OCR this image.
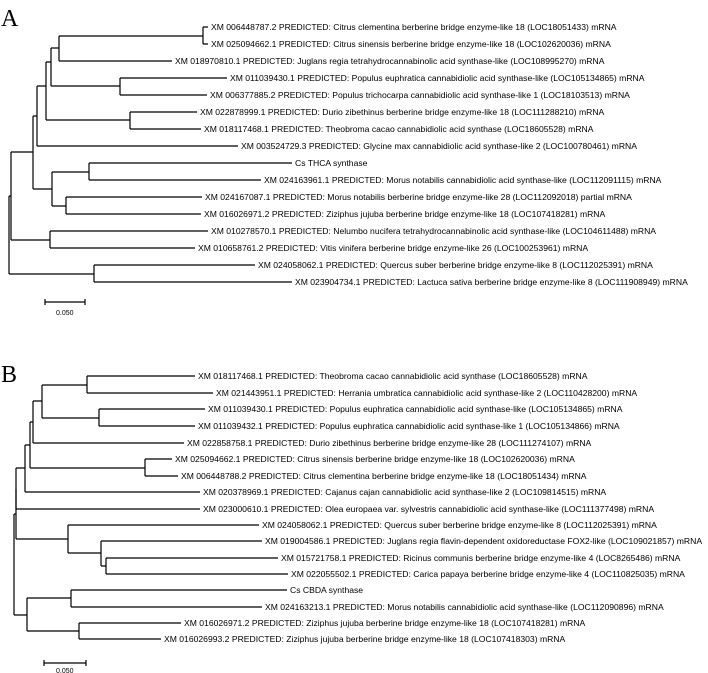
A	XM 006448787.2 PREDICTED: Citrus clementina berberine bridge enzyme-like 18 (LOC18051433) mRNA
XM 025094662.1 PREDICTED: Citrus sinensis berberine bridge enzyme-like 18 (LOC102620036) mRNA
XM 018970810.1 PREDICTED: Juglans regia tetrahydrocannabinolic acid synthase-like (LOC108995270) mRNA
XM 011039430.1 PREDICTED: Populus euphratica cannabidiolic acid synthase-like (LOC105134865) mRNA
XM 006377885.2 PREDICTED: Populus trichocarpa cannabidiolic acid synthase-like 1 (LOC18103513) mRNA
XM 022878999.1 PREDICTED: Durio zibethinus berberine bridge enzyme-like 18 (LOC111288210) mRNA
XM 018117468.1 PREDICTED: Theobroma cacao cannabidiolic acid synthase (LOC18605528) mRNA
XM 003524729.3 PREDICTED: Glycine max cannabidiolic acid synthase-like 2 (LOC100780461) mRNA
Cs THCA synthase
XM 024163961.1 PREDICTED: Morus notabilis cannabidiolic acid synthase-like (LOC112091115) mRNA
XM 024167087.1 PREDICTED: Morus notabilis berberine bridge enzyme-like 28 (LOC112092018) partial mRNA
XM 016026971.2 PREDICTED: Ziziphus jujuba berberine bridge enzyme-like 18 (LOC107418281) mRNA
XM 010278570.1 PREDICTED: Nelumbo nucifera tetrahydrocannabinolic acid synthase-like (LOC104611488) mRNA
XM 010658761.2 PREDICTED: Vitis vinifera berberine bridge enzyme-like 26 (LOC100253961) mRNA
XM 024058062.1 PREDICTED: Quercus suber berberine bridge enzyme-like 8 (LOC112025391) mRNA
XM 023904734.1 PREDICTED: Lactuca sativa berberine bridge enzyme-like 8 (LOC111908949) mRNA
0.050
B	XM 018117468.1 PREDICTED: Theobroma cacao cannabidiolic acid synthase (LOC18605528) mRNA
XM 021443951.1 PREDICTED: Herrania umbratica cannabidiolic acid synthase-like 2 (LOC110428200) mRNA
XM 011039430.1 PREDICTED: Populus euphratica cannabidiolic acid synthase-like (LOC105134865) mRNA
XM 011039432.1 PREDICTED: Populus euphratica cannabidiolic acid synthase-like 1 (LOC105134866) mRNA
XM 022858758.1 PREDICTED: Durio zibethinus berberine bridge enzyme-like 28 (LOC111274107) mRNA
XM 025094662.1 PREDICTED: Citrus sinensis berberine bridge enzyme-like 18 (LOC102620036) mRNA
XM 006448788.2 PREDICTED: Citrus clementina berberine bridge enzyme-like 18 (LOC18051434) mRNA
XM 020378969.1 PREDICTED: Cajanus cajan cannabidiolic acid synthase-like 2 (LOC109814515) mRNA
XM 023000610.1 PREDICTED: Olea europaea var. sylvestris cannabidiolic acid synthase-like (LOC111377498) mRNA
XM 024058062.1 PREDICTED: Quercus suber berberine bridge enzyme-like 8 (LOC112025391) mRNA
XM 019004586.1 PREDICTED: Juglans regia flavin-dependent oxidoreductase FOX2-like (LOC109021857) mRNA
XM 015721758.1 PREDICTED: Ricinus communis berberine bridge enzyme-like 4 (LOC8265486) mRNA
XM 022055502.1 PREDICTED: Carica papaya berberine bridge enzyme-like 4 (LOC110825035) mRNA
Cs CBDA synthase
XM 024163213.1 PREDICTED: Morus notabilis cannabidiolic acid synthase-like (LOC112090896) mRNA
XM 016026971.2 PREDICTED: Ziziphus jujuba berberine bridge enzyme-like 18 (LOC107418281) mRNA
XM 016026993.2 PREDICTED: Ziziphus jujuba berberine bridge enzyme-like 18 (LOC107418303) mRNA
0.050
